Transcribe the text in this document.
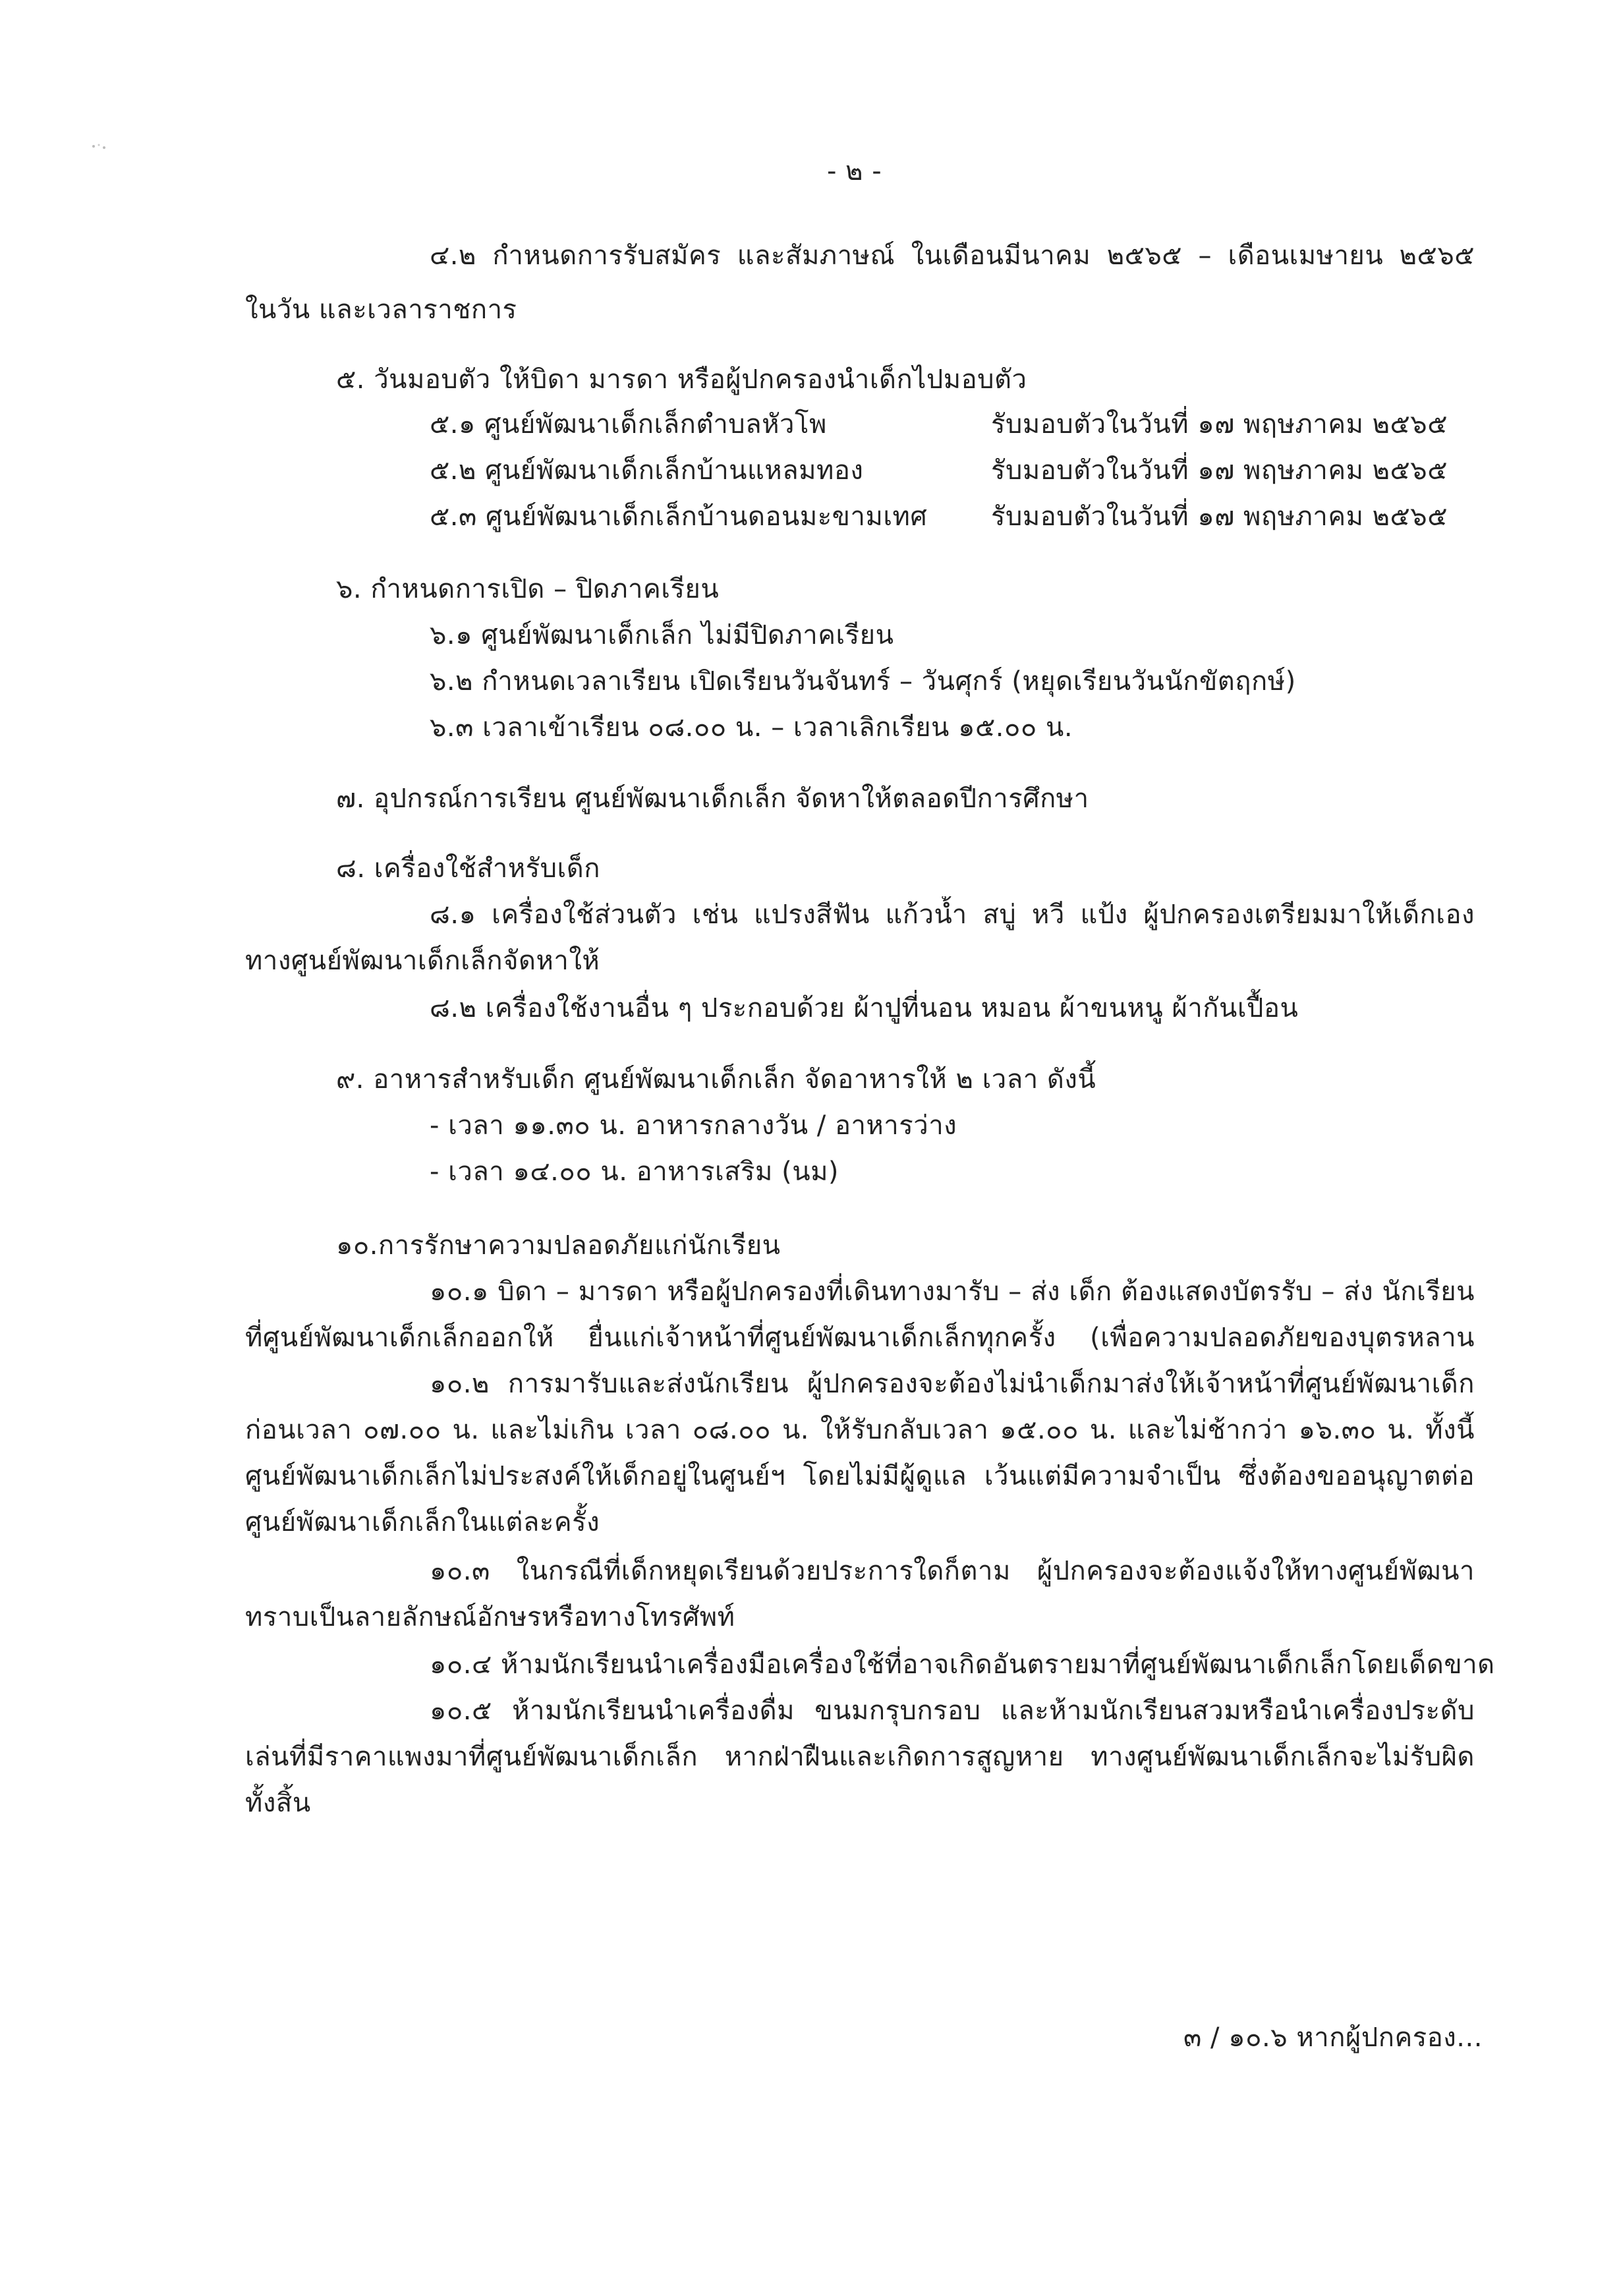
- ๒ -
๔.๒ กำหนดการรับสมัคร และสัมภาษณ์ ในเดือนมีนาคม ๒๕๖๕ – เดือนเมษายน ๒๕๖๕
ในวัน และเวลาราชการ
๕. วันมอบตัว ให้บิดา มารดา หรือผู้ปกครองนำเด็กไปมอบตัว
๕.๑ ศูนย์พัฒนาเด็กเล็กตำบลหัวโพ	รับมอบตัวในวันที่ ๑๗ พฤษภาคม ๒๕๖๕
๕.๒ ศูนย์พัฒนาเด็กเล็กบ้านแหลมทอง	รับมอบตัวในวันที่ ๑๗ พฤษภาคม ๒๕๖๕
๕.๓ ศูนย์พัฒนาเด็กเล็กบ้านดอนมะขามเทศ รับมอบตัวในวันที่ ๑๗ พฤษภาคม ๒๕๖๕
๖. กำหนดการเปิด – ปิดภาคเรียน
๖.๑ ศูนย์พัฒนาเด็กเล็ก ไม่มีปิดภาคเรียน
๖.๒ กำหนดเวลาเรียน เปิดเรียนวันจันทร์ – วันศุกร์ (หยุดเรียนวันนักขัตฤกษ์)
๖.๓ เวลาเข้าเรียน ๐๘.๐๐ น. – เวลาเลิกเรียน ๑๕.๐๐ น.
๗. อุปกรณ์การเรียน ศูนย์พัฒนาเด็กเล็ก จัดหาให้ตลอดปีการศึกษา
๘. เครื่องใช้สำหรับเด็ก
๘.๑ เครื่องใช้ส่วนตัว เช่น แปรงสีฟัน แก้วน้ำ สบู่ หวี แป้ง ผู้ปกครองเตรียมมาให้เด็กเอง
ทางศูนย์พัฒนาเด็กเล็กจัดหาให้
๘.๒ เครื่องใช้งานอื่น ๆ ประกอบด้วย ผ้าปูที่นอน หมอน ผ้าขนหนู ผ้ากันเปื้อน
๙. อาหารสำหรับเด็ก ศูนย์พัฒนาเด็กเล็ก จัดอาหารให้ ๒ เวลา ดังนี้
- เวลา ๑๑.๓๐ น. อาหารกลางวัน / อาหารว่าง
- เวลา ๑๔.๐๐ น. อาหารเสริม (นม)
๑๐.การรักษาความปลอดภัยแก่นักเรียน
๑๐.๑ บิดา – มารดา หรือผู้ปกครองที่เดินทางมารับ – ส่ง เด็ก ต้องแสดงบัตรรับ – ส่ง นักเรียน
ที่ศูนย์พัฒนาเด็กเล็กออกให้ ยื่นแก่เจ้าหน้าที่ศูนย์พัฒนาเด็กเล็กทุกครั้ง (เพื่อความปลอดภัยของบุตรหลาน
๑๐.๒ การมารับและส่งนักเรียน ผู้ปกครองจะต้องไม่นำเด็กมาส่งให้เจ้าหน้าที่ศูนย์พัฒนาเด็ก
ก่อนเวลา ๐๗.๐๐ น. และไม่เกิน เวลา ๐๘.๐๐ น. ให้รับกลับเวลา ๑๕.๐๐ น. และไม่ช้ากว่า ๑๖.๓๐ น. ทั้งนี้
ศูนย์พัฒนาเด็กเล็กไม่ประสงค์ให้เด็กอยู่ในศูนย์ฯ โดยไม่มีผู้ดูแล เว้นแต่มีความจำเป็น ซึ่งต้องขออนุญาตต่อ
ศูนย์พัฒนาเด็กเล็กในแต่ละครั้ง
๑๐.๓ ในกรณีที่เด็กหยุดเรียนด้วยประการใดก็ตาม ผู้ปกครองจะต้องแจ้งให้ทางศูนย์พัฒนา
ทราบเป็นลายลักษณ์อักษรหรือทางโทรศัพท์
๑๐.๔ ห้ามนักเรียนนำเครื่องมือเครื่องใช้ที่อาจเกิดอันตรายมาที่ศูนย์พัฒนาเด็กเล็กโดยเด็ดขาด
๑๐.๕ ห้ามนักเรียนนำเครื่องดื่ม ขนมกรุบกรอบ และห้ามนักเรียนสวมหรือนำเครื่องประดับ
เล่นที่มีราคาแพงมาที่ศูนย์พัฒนาเด็กเล็ก หากฝ่าฝืนและเกิดการสูญหาย ทางศูนย์พัฒนาเด็กเล็กจะไม่รับผิด
ทั้งสิ้น
๓ / ๑๐.๖ หากผู้ปกครอง...
